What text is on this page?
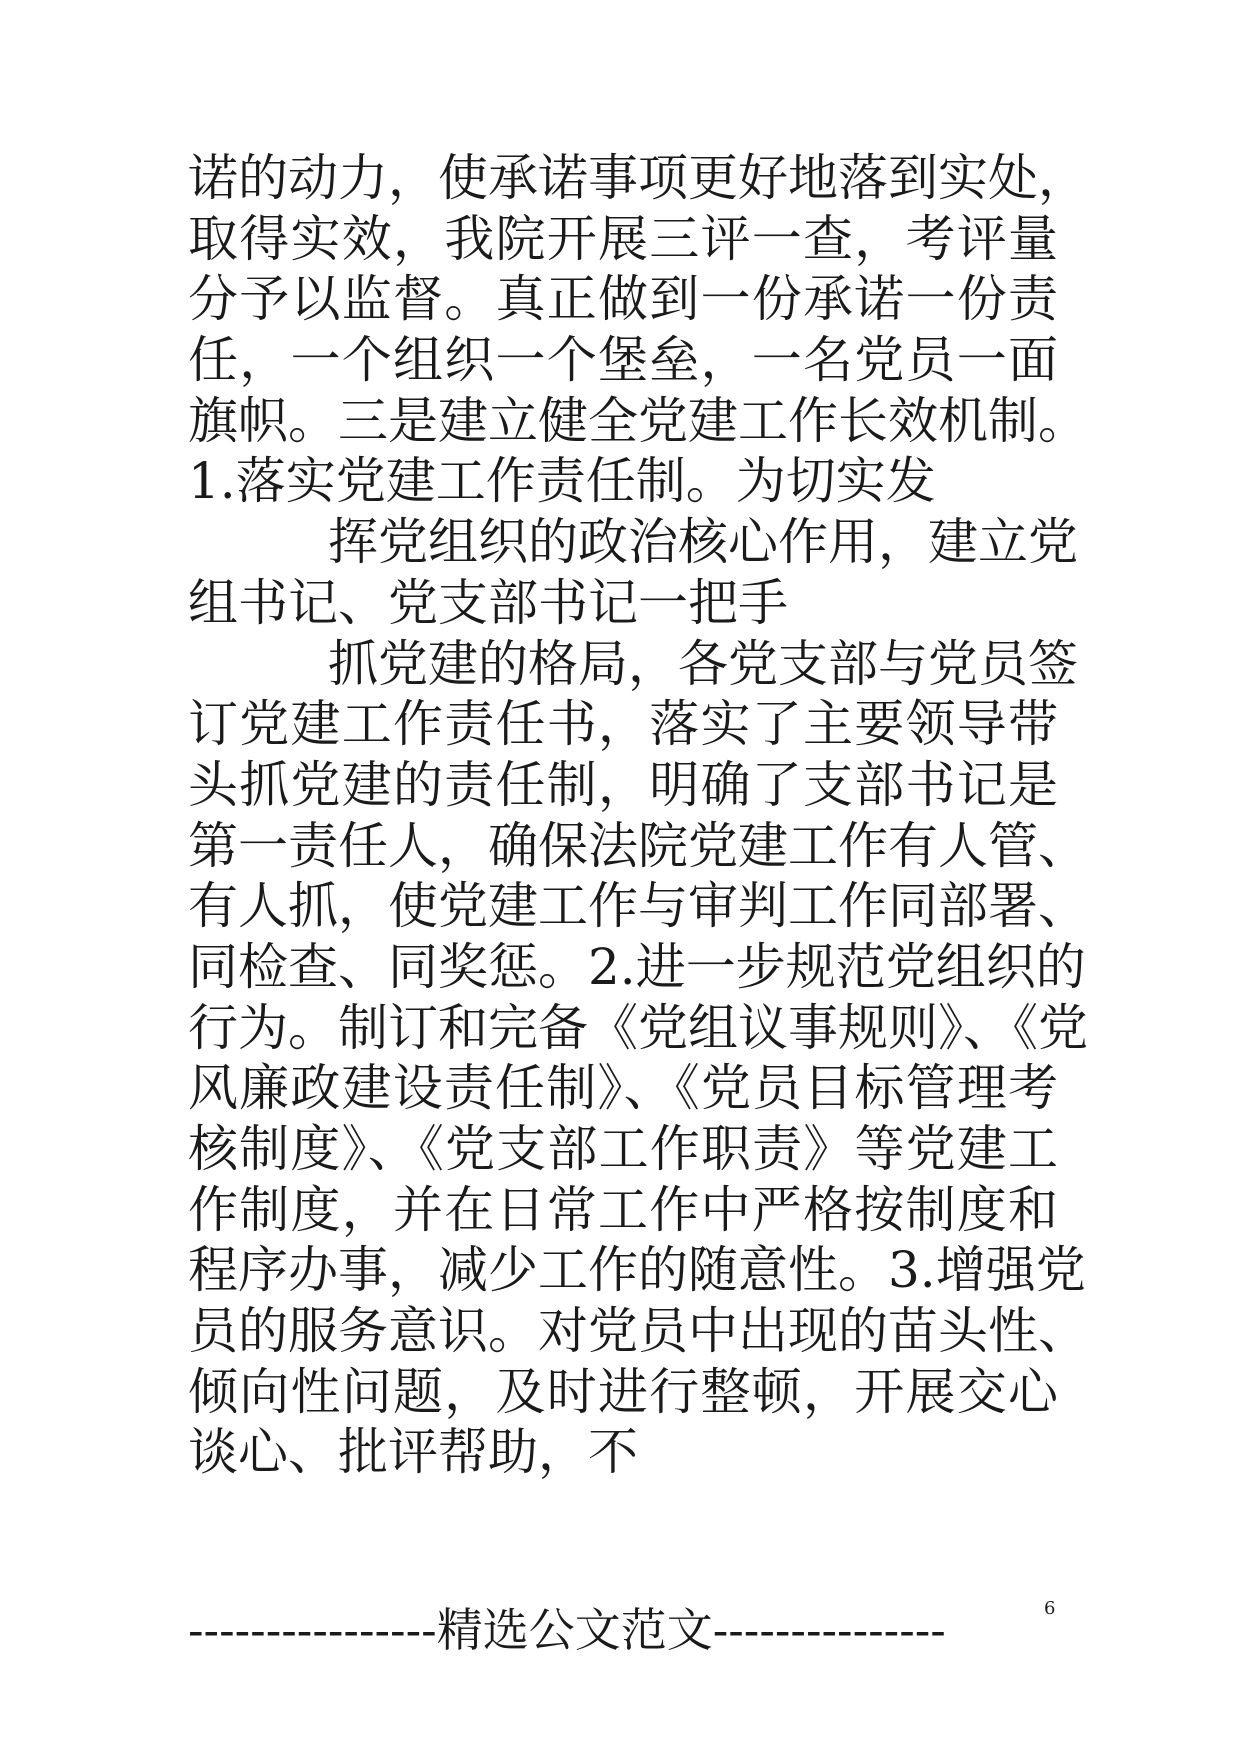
诺的动力，使承诺事项更好地落到实处，
取得实效，我院开展三评一查，考评量
分予以监督。真正做到一份承诺一份责
任，一个组织一个堡垒，一名党员一面
旗帜。三是建立健全党建工作长效机制。
1.落实党建工作责任制。为切实发
挥党组织的政治核心作用，建立党
组书记、党支部书记一把手
抓党建的格局，各党支部与党员签
订党建工作责任书，落实了主要领导带
头抓党建的责任制，明确了支部书记是
第一责任人，确保法院党建工作有人管、
有人抓，使党建工作与审判工作同部署、
同检查、同奖惩。2.进一步规范党组织的
行为。制订和完备《党组议事规则》、《党
风廉政建设责任制》、《党员目标管理考
核制度》、《党支部工作职责》等党建工
作制度，并在日常工作中严格按制度和
程序办事，减少工作的随意性。3.增强党
员的服务意识。对党员中出现的苗头性、
倾向性问题，及时进行整顿，开展交心
谈心、批评帮助，不
----------------精选公文范文---------------	6
